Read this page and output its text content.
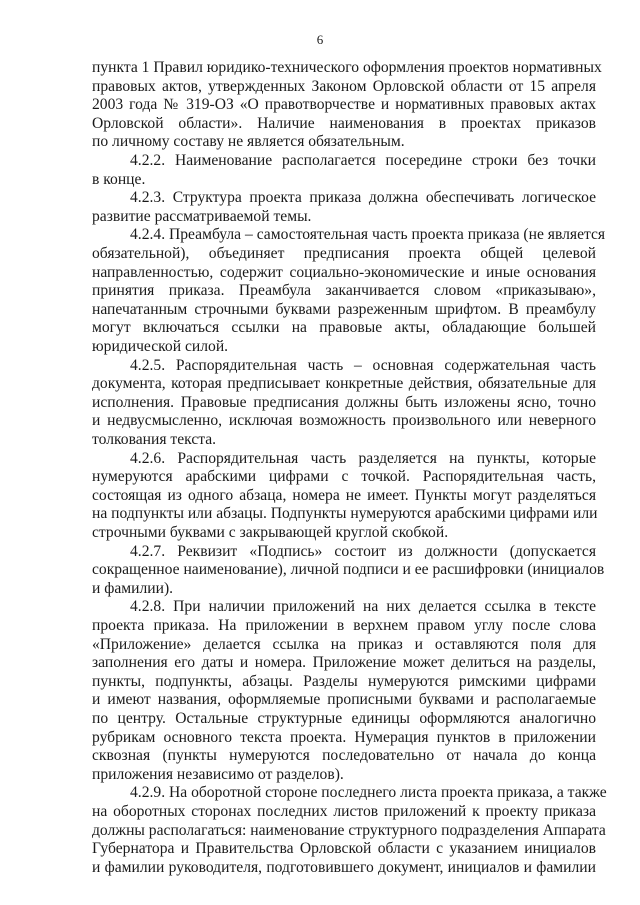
6
пункта 1 Правил юридико-технического оформления проектов нормативных
правовых актов, утвержденных Законом Орловской области от 15 апреля
2003 года № 319-ОЗ «О правотворчестве и нормативных правовых актах
Орловской области». Наличие наименования в проектах приказов
по личному составу не является обязательным.
4.2.2. Наименование располагается посередине строки без точки
в конце.
4.2.3. Структура проекта приказа должна обеспечивать логическое
развитие рассматриваемой темы.
4.2.4. Преамбула – самостоятельная часть проекта приказа (не является
обязательной), объединяет предписания проекта общей целевой
направленностью, содержит социально-экономические и иные основания
принятия приказа. Преамбула заканчивается словом «приказываю»,
напечатанным строчными буквами разреженным шрифтом. В преамбулу
могут включаться ссылки на правовые акты, обладающие большей
юридической силой.
4.2.5. Распорядительная часть – основная содержательная часть
документа, которая предписывает конкретные действия, обязательные для
исполнения. Правовые предписания должны быть изложены ясно, точно
и недвусмысленно, исключая возможность произвольного или неверного
толкования текста.
4.2.6. Распорядительная часть разделяется на пункты, которые
нумеруются арабскими цифрами с точкой. Распорядительная часть,
состоящая из одного абзаца, номера не имеет. Пункты могут разделяться
на подпункты или абзацы. Подпункты нумеруются арабскими цифрами или
строчными буквами с закрывающей круглой скобкой.
4.2.7. Реквизит «Подпись» состоит из должности (допускается
сокращенное наименование), личной подписи и ее расшифровки (инициалов
и фамилии).
4.2.8. При наличии приложений на них делается ссылка в тексте
проекта приказа. На приложении в верхнем правом углу после слова
«Приложение» делается ссылка на приказ и оставляются поля для
заполнения его даты и номера. Приложение может делиться на разделы,
пункты, подпункты, абзацы. Разделы нумеруются римскими цифрами
и имеют названия, оформляемые прописными буквами и располагаемые
по центру. Остальные структурные единицы оформляются аналогично
рубрикам основного текста проекта. Нумерация пунктов в приложении
сквозная (пункты нумеруются последовательно от начала до конца
приложения независимо от разделов).
4.2.9. На оборотной стороне последнего листа проекта приказа, а также
на оборотных сторонах последних листов приложений к проекту приказа
должны располагаться: наименование структурного подразделения Аппарата
Губернатора и Правительства Орловской области с указанием инициалов
и фамилии руководителя, подготовившего документ, инициалов и фамилии
